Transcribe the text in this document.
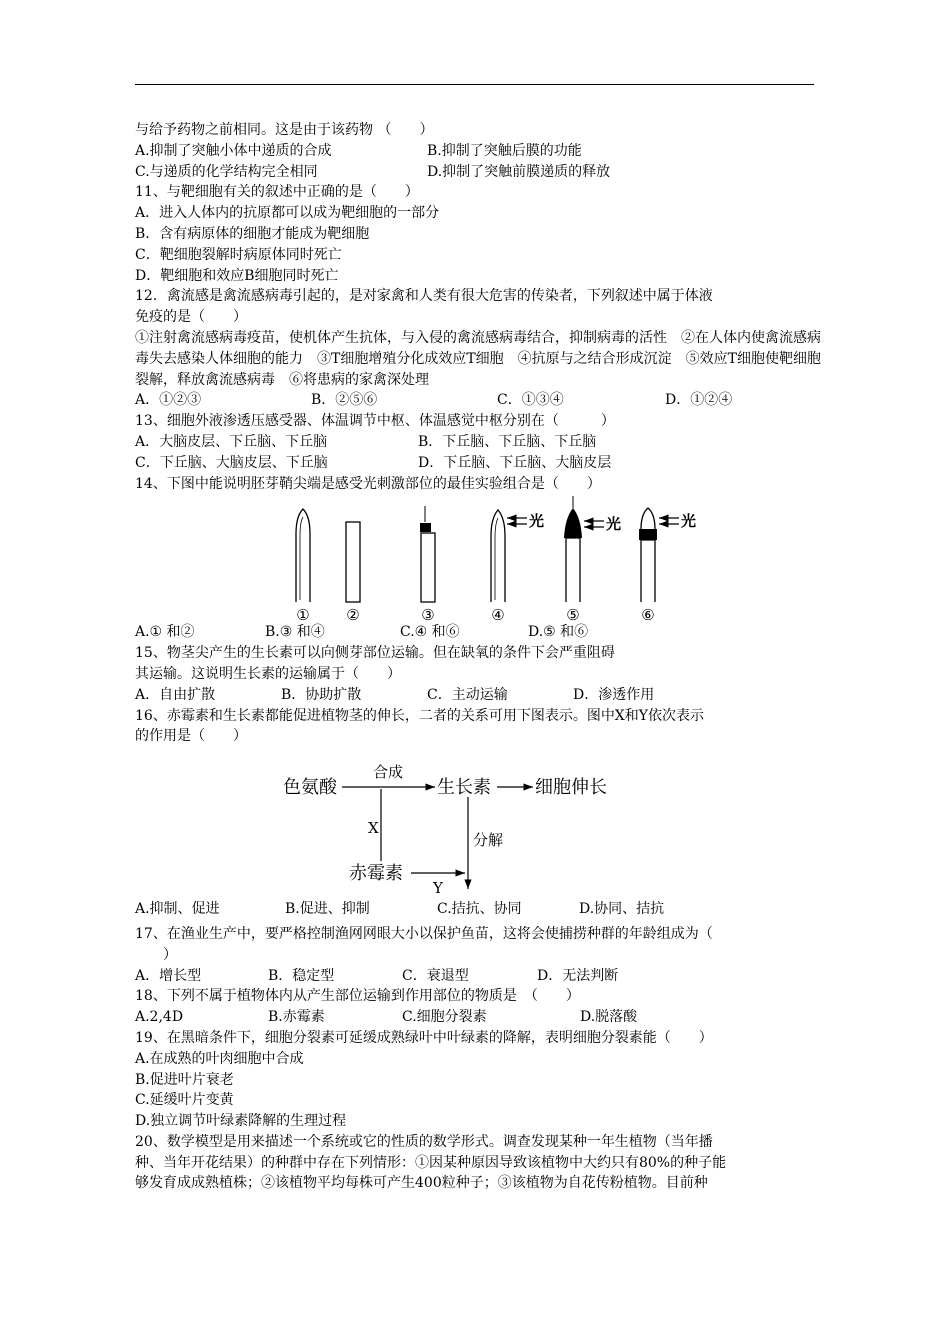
与给予药物之前相同。这是由于该药物 （　　）
A.抑制了突触小体中递质的合成	B.抑制了突触后膜的功能
C.与递质的化学结构完全相同	D.抑制了突触前膜递质的释放
11、与靶细胞有关的叙述中正确的是（　　）
A．进入人体内的抗原都可以成为靶细胞的一部分
B．含有病原体的细胞才能成为靶细胞
C．靶细胞裂解时病原体同时死亡
D．靶细胞和效应B细胞同时死亡
12．禽流感是禽流感病毒引起的，是对家禽和人类有很大危害的传染者，下列叙述中属于体液
免疫的是（　　）
①注射禽流感病毒疫苗，使机体产生抗体，与入侵的禽流感病毒结合，抑制病毒的活性　②在人体内使禽流感病毒失去感染人体细胞的能力　③T细胞增殖分化成效应T细胞　④抗原与之结合形成沉淀　⑤效应T细胞使靶细胞裂解，释放禽流感病毒　⑥将患病的家禽深处理
A．①②③	B．②⑤⑥	C．①③④	D．①②④
13、细胞外液渗透压感受器、体温调节中枢、体温感觉中枢分别在（　　　）
A．大脑皮层、下丘脑、下丘脑	B．下丘脑、下丘脑、下丘脑
C．下丘脑、大脑皮层、下丘脑	D．下丘脑、下丘脑、大脑皮层
14、下图中能说明胚芽鞘尖端是感受光刺激部位的最佳实验组合是（　　）
光	光	光
① ②	③	④	⑤	⑥
A.① 和②	B.③ 和④	C.④ 和⑥	D.⑤ 和⑥
15、物茎尖产生的生长素可以向侧芽部位运输。但在缺氧的条件下会严重阻碍
其运输。这说明生长素的运输属于（　　）
A．自由扩散	B．协助扩散	C．主动运输	D．渗透作用
16、赤霉素和生长素都能促进植物茎的伸长，二者的关系可用下图表示。图中X和Y依次表示
的作用是（　　）
色氨酸
合成
生长素 细胞伸长
X
分解
赤霉素
Y
A.抑制、促进	B.促进、抑制	C.拮抗、协同	D.协同、拮抗
17、在渔业生产中，要严格控制渔网网眼大小以保护鱼苗，这将会使捕捞种群的年龄组成为（
　　）
A．增长型	B．稳定型	C．衰退型	D．无法判断
18、下列不属于植物体内从产生部位运输到作用部位的物质是　（　　）
A.2,4D	B.赤霉素	C.细胞分裂素	D.脱落酸
19、在黑暗条件下，细胞分裂素可延缓成熟绿叶中叶绿素的降解，表明细胞分裂素能（　　）
A.在成熟的叶肉细胞中合成
B.促进叶片衰老
C.延缓叶片变黄
D.独立调节叶绿素降解的生理过程
20、数学模型是用来描述一个系统或它的性质的数学形式。调查发现某种一年生植物（当年播
种、当年开花结果）的种群中存在下列情形：①因某种原因导致该植物中大约只有80%的种子能
够发育成成熟植株；②该植物平均每株可产生400粒种子；③该植物为自花传粉植物。目前种
